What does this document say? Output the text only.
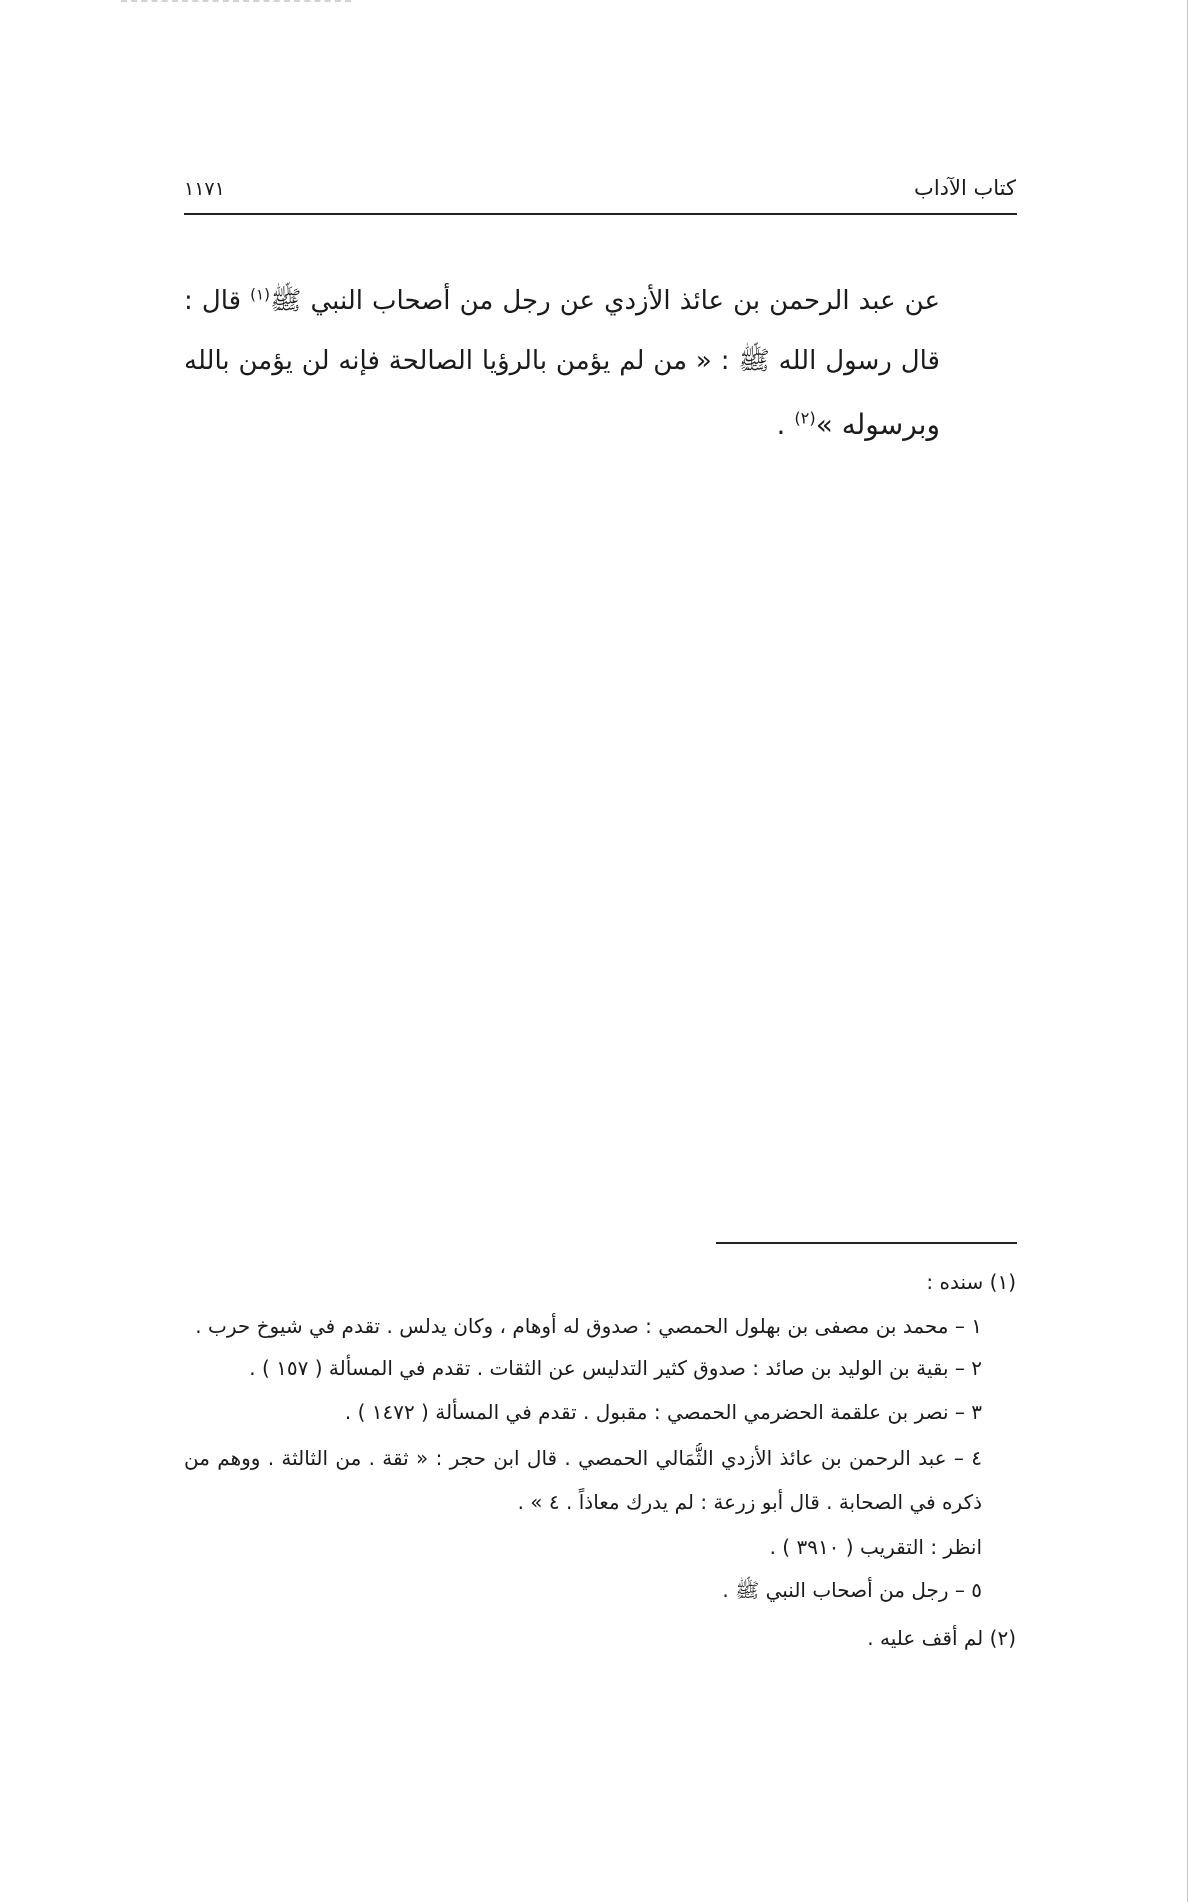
كتاب الآداب
١١٧١
عن عبد الرحمن بن عائذ الأزدي عن رجل من أصحاب النبي ﷺ$^{(١)}$ قال :
قال رسول الله ﷺ : « من لم يؤمن بالرؤيا الصالحة فإنه لن يؤمن بالله
وبرسوله »$^{(٢)}$ .
(١) سنده :
١ – محمد بن مصفى بن بهلول الحمصي : صدوق له أوهام ، وكان يدلس . تقدم في شيوخ حرب .
٢ – بقية بن الوليد بن صائد : صدوق كثير التدليس عن الثقات . تقدم في المسألة ( ١٥٧ ) .
٣ – نصر بن علقمة الحضرمي الحمصي : مقبول . تقدم في المسألة ( ١٤٧٢ ) .
٤ – عبد الرحمن بن عائذ الأزدي الثُّمَالي الحمصي . قال ابن حجر : « ثقة . من الثالثة . ووهم من
ذكره في الصحابة . قال أبو زرعة : لم يدرك معاذاً . ٤ » .
انظر : التقريب ( ٣٩١٠ ) .
٥ – رجل من أصحاب النبي ﷺ .
(٢) لم أقف عليه .
